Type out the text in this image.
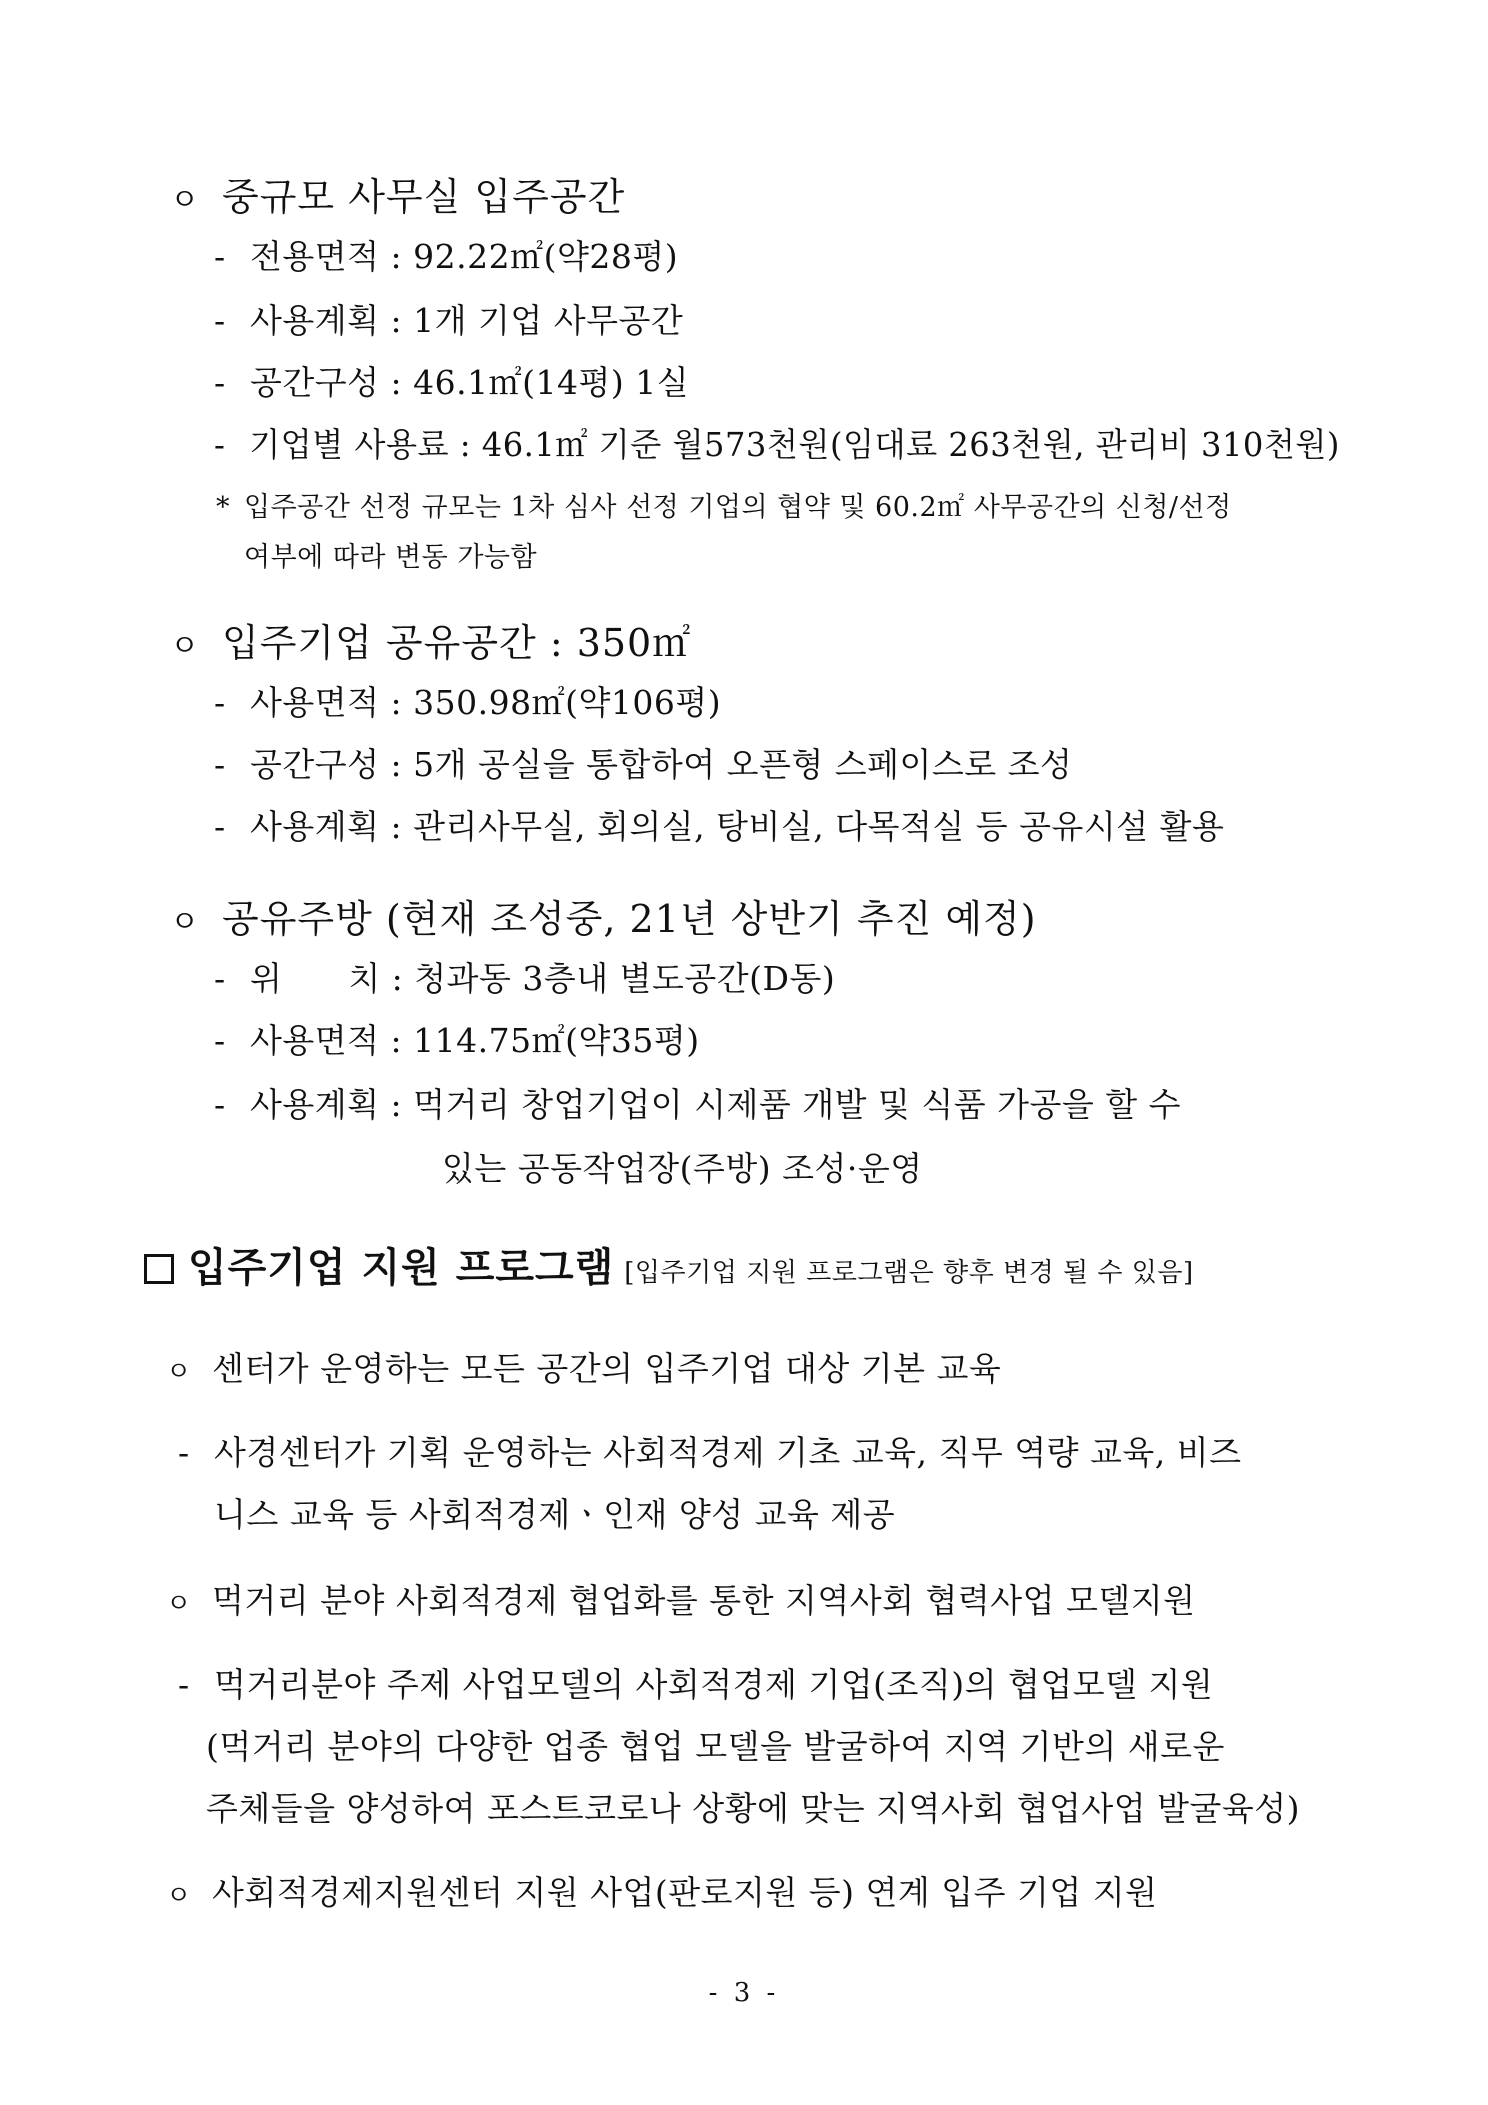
ㅇ 중규모 사무실 입주공간
- 전용면적 : 92.22㎡(약28평)
- 사용계획 : 1개 기업 사무공간
- 공간구성 : 46.1㎡(14평) 1실
- 기업별 사용료 : 46.1㎡ 기준 월573천원(임대료 263천원, 관리비 310천원)
* 입주공간 선정 규모는 1차 심사 선정 기업의 협약 및 60.2㎡ 사무공간의 신청/선정
여부에 따라 변동 가능함
ㅇ 입주기업 공유공간 : 350㎡
- 사용면적 : 350.98㎡(약106평)
- 공간구성 : 5개 공실을 통합하여 오픈형 스페이스로 조성
- 사용계획 : 관리사무실, 회의실, 탕비실, 다목적실 등 공유시설 활용
ㅇ 공유주방 (현재 조성중, 21년 상반기 추진 예정)
- 위      치 : 청과동 3층내 별도공간(D동)
- 사용면적 : 114.75㎡(약35평)
- 사용계획 : 먹거리 창업기업이 시제품 개발 및 식품 가공을 할 수
있는 공동작업장(주방) 조성·운영
입주기업 지원 프로그램 [입주기업 지원 프로그램은 향후 변경 될 수 있음]
ㅇ 센터가 운영하는 모든 공간의 입주기업 대상 기본 교육
- 사경센터가 기획 운영하는 사회적경제 기초 교육, 직무 역량 교육, 비즈
니스 교육 등 사회적경제ㆍ인재 양성 교육 제공
ㅇ 먹거리 분야 사회적경제 협업화를 통한 지역사회 협력사업 모델지원
- 먹거리분야 주제 사업모델의 사회적경제 기업(조직)의 협업모델 지원
(먹거리 분야의 다양한 업종 협업 모델을 발굴하여 지역 기반의 새로운
주체들을 양성하여 포스트코로나 상황에 맞는 지역사회 협업사업 발굴육성)
ㅇ 사회적경제지원센터 지원 사업(판로지원 등) 연계 입주 기업 지원
- 3 -
